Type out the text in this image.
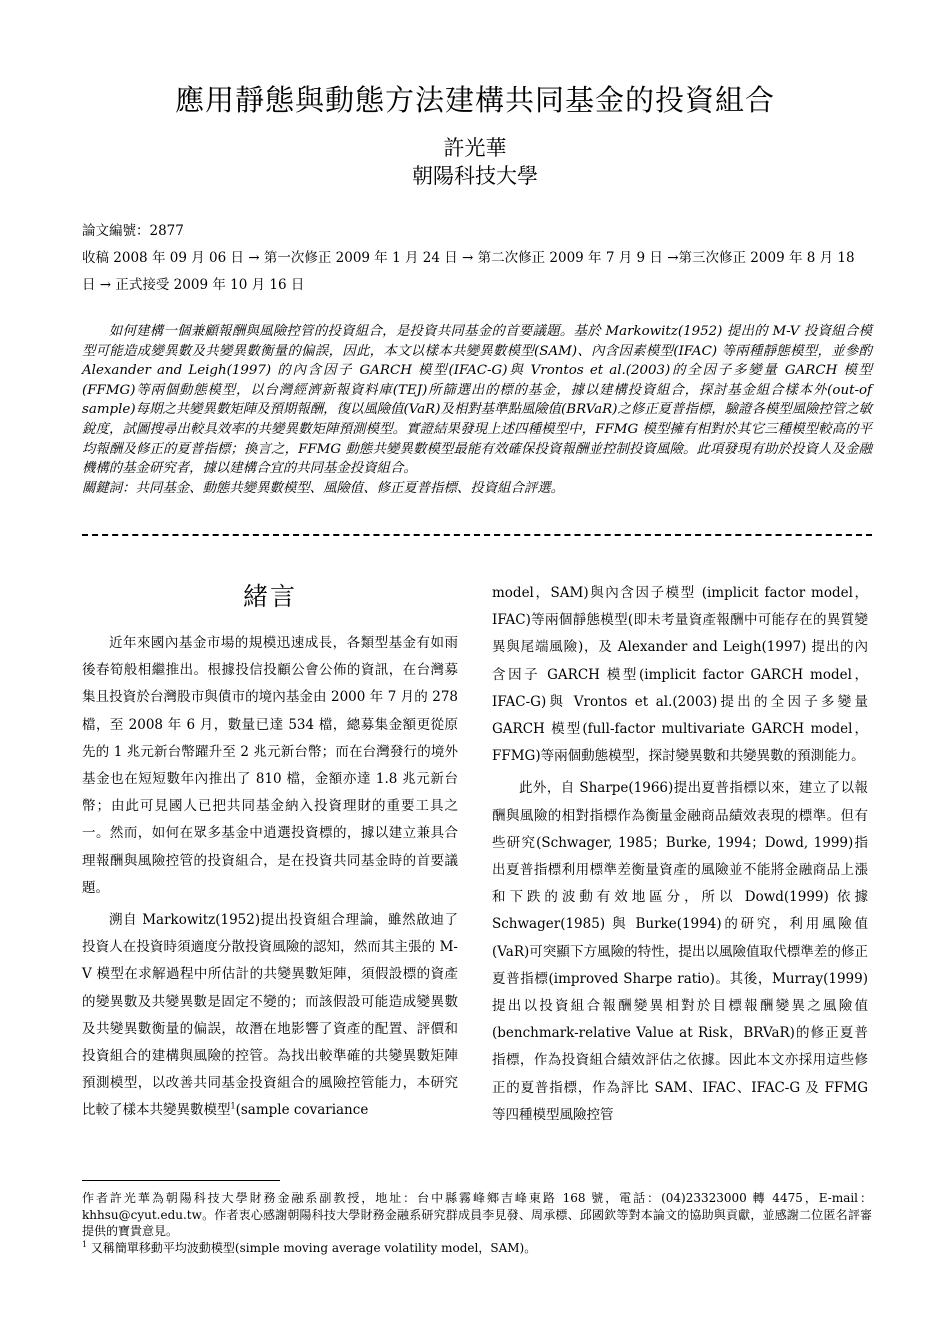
應用靜態與動態方法建構共同基金的投資組合
許光華
朝陽科技大學
論文編號：2877
收稿 2008 年 09 月 06 日 → 第一次修正 2009 年 1 月 24 日 → 第二次修正 2009 年 7 月 9 日 →第三次修正 2009 年 8 月 18 日 → 正式接受 2009 年 10 月 16 日

如何建構一個兼顧報酬與風險控管的投資組合，是投資共同基金的首要議題。基於 Markowitz(1952) 提出的 M-V 投資組合模型可能造成變異數及共變異數衡量的偏誤，因此，本文以樣本共變異數模型(SAM)、內含因素模型(IFAC) 等兩種靜態模型，並參酌 Alexander and Leigh(1997) 的內含因子 GARCH 模型(IFAC-G)與 Vrontos et al.(2003)的全因子多變量 GARCH 模型(FFMG)等兩個動態模型，以台灣經濟新報資料庫(TEJ)所篩選出的標的基金，據以建構投資組合，探討基金組合樣本外(out-of sample)每期之共變異數矩陣及預期報酬，復以風險值(VaR)及相對基準點風險值(BRVaR)之修正夏普指標，驗證各模型風險控管之敏銳度，試圖搜尋出較具效率的共變異數矩陣預測模型。實證結果發現上述四種模型中，FFMG 模型擁有相對於其它三種模型較高的平均報酬及修正的夏普指標；換言之，FFMG 動態共變異數模型最能有效確保投資報酬並控制投資風險。此項發現有助於投資人及金融機構的基金研究者，據以建構合宜的共同基金投資組合。

關鍵詞：共同基金、動態共變異數模型、風險值、修正夏普指標、投資組合評選。

緒言

近年來國內基金市場的規模迅速成長，各類型基金有如雨後春筍般相繼推出。根據投信投顧公會公佈的資訊，在台灣募集且投資於台灣股市與債市的境內基金由 2000 年 7 月的 278 檔，至 2008 年 6 月，數量已達 534 檔，總募集金額更從原先的 1 兆元新台幣躍升至 2 兆元新台幣；而在台灣發行的境外基金也在短短數年內推出了 810 檔，金額亦達 1.8 兆元新台幣；由此可見國人已把共同基金納入投資理財的重要工具之一。然而，如何在眾多基金中逍選投資標的，據以建立兼具合理報酬與風險控管的投資組合，是在投資共同基金時的首要議題。

溯自 Markowitz(1952)提出投資組合理論，雖然啟迪了投資人在投資時須適度分散投資風險的認知，然而其主張的 M-V 模型在求解過程中所估計的共變異數矩陣，須假設標的資產的變異數及共變異數是固定不變的；而該假設可能造成變異數及共變異數衡量的偏誤，故潛在地影響了資產的配置、評價和投資組合的建構與風險的控管。為找出較準確的共變異數矩陣預測模型，以改善共同基金投資組合的風險控管能力，本研究比較了樣本共變異數模型$^1$(sample covariance

model，SAM)與內含因子模型 (implicit factor model，IFAC)等兩個靜態模型(即未考量資產報酬中可能存在的異質變異與尾端風險)，及 Alexander and Leigh(1997) 提出的內含因子 GARCH 模型(implicit factor GARCH model，IFAC-G)與 Vrontos et al.(2003)提出的全因子多變量 GARCH 模型(full-factor multivariate GARCH model，FFMG)等兩個動態模型，探討變異數和共變異數的預測能力。

此外，自 Sharpe(1966)提出夏普指標以來，建立了以報酬與風險的相對指標作為衡量金融商品績效表現的標準。但有些研究(Schwager, 1985；Burke, 1994；Dowd, 1999)指出夏普指標利用標準差衡量資產的風險並不能將金融商品上漲和下跌的波動有效地區分，所以 Dowd(1999) 依據 Schwager(1985) 與 Burke(1994)的研究，利用風險值(VaR)可突顯下方風險的特性，提出以風險值取代標準差的修正夏普指標(improved Sharpe ratio)。其後，Murray(1999)提出以投資組合報酬變異相對於目標報酬變異之風險值(benchmark-relative Value at Risk，BRVaR)的修正夏普指標，作為投資組合績效評估之依據。因此本文亦採用這些修正的夏普指標，作為評比 SAM、IFAC、IFAC-G 及 FFMG 等四種模型風險控管

作者許光華為朝陽科技大學財務金融系副教授，地址：台中縣霧峰鄉吉峰東路 168 號，電話：(04)23323000 轉 4475，E-mail：khhsu@cyut.edu.tw。作者衷心感謝朝陽科技大學財務金融系研究群成員李見發、周承標、邱國欽等對本論文的協助與貢獻，並感謝二位匿名評審提供的寶貴意見。

$^1$ 又稱簡單移動平均波動模型(simple moving average volatility model，SAM)。
